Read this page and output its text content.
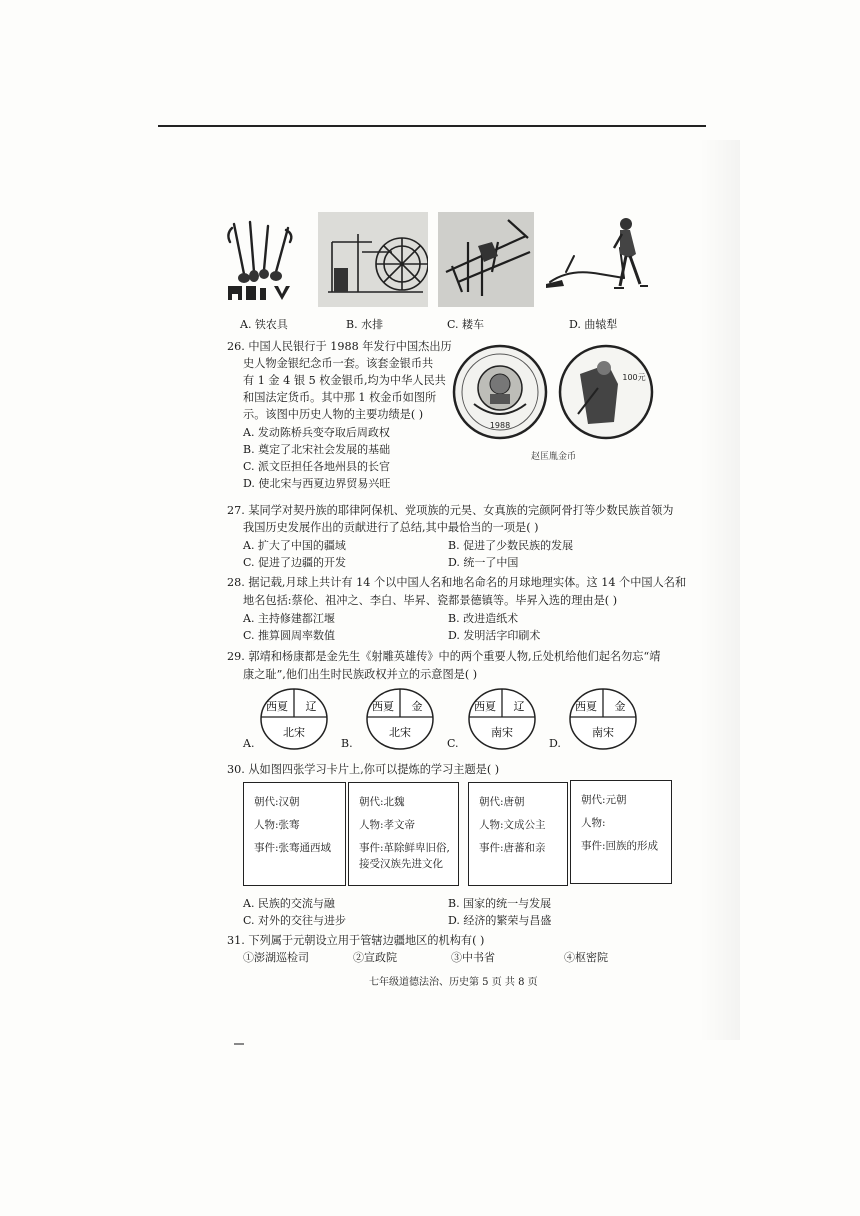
A. 铁农具	B. 水排	C. 耧车	D. 曲辕犁
26. 中国人民银行于 1988 年发行中国杰出历
史人物金银纪念币一套。该套金银币共
有 1 金 4 银 5 枚金银币,均为中华人民共
和国法定货币。其中那 1 枚金币如图所
示。该图中历史人物的主要功绩是( )
A. 发动陈桥兵变夺取后周政权
B. 奠定了北宋社会发展的基础
C. 派文臣担任各地州县的长官
D. 使北宋与西夏边界贸易兴旺
1988
100元
赵匡胤金币
27. 某同学对契丹族的耶律阿保机、党项族的元昊、女真族的完颜阿骨打等少数民族首领为
我国历史发展作出的贡献进行了总结,其中最恰当的一项是( )
A. 扩大了中国的疆域	B. 促进了少数民族的发展
C. 促进了边疆的开发	D. 统一了中国
28. 据记载,月球上共计有 14 个以中国人名和地名命名的月球地理实体。这 14 个中国人名和
地名包括:蔡伦、祖冲之、李白、毕昇、瓷都景德镇等。毕昇入选的理由是( )
A. 主持修建都江堰	B. 改进造纸术
C. 推算圆周率数值	D. 发明活字印刷术
29. 郭靖和杨康都是金先生《射雕英雄传》中的两个重要人物,丘处机给他们起名勿忘“靖
康之耻”,他们出生时民族政权并立的示意图是( )
西夏 辽
北宋
A.
西夏 金
北宋
B.
西夏 辽
南宋
C.
西夏 金
南宋
D.
30. 从如图四张学习卡片上,你可以提炼的学习主题是( )
朝代:汉朝
人物:张骞
事件:张骞通西域
朝代:北魏
人物:孝文帝
事件:革除鲜卑旧俗,
接受汉族先进文化
朝代:唐朝
人物:文成公主
事件:唐蕃和亲
朝代:元朝
人物:
事件:回族的形成
A. 民族的交流与融	B. 国家的统一与发展
C. 对外的交往与进步	D. 经济的繁荣与昌盛
31. 下列属于元朝设立用于管辖边疆地区的机构有( )
①澎湖巡检司	②宣政院	③中书省	④枢密院
七年级道德法治、历史第 5 页 共 8 页
